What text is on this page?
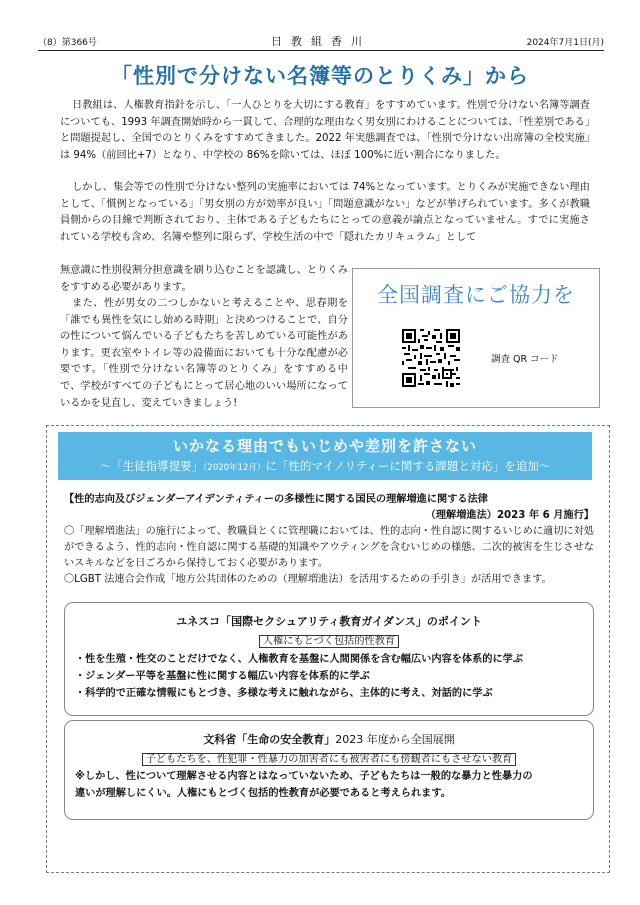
（8）第366号	日教組香川	2024年7月1日(月)
「性別で分けない名簿等のとりくみ」から
日教組は、人権教育指針を示し、「一人ひとりを大切にする教育」をすすめています。性別で分けない名簿等調査についても、1993 年調査開始時から一貫して、合理的な理由なく男女別にわけることについては、「性差別である」と問題提起し、全国でのとりくみをすすめてきました。2022 年実態調査では、「性別で分けない出席簿の全校実施」は 94%（前回比+7）となり、中学校の 86%を除いては、ほぼ 100%に近い割合になりました。
しかし、集会等での性別で分けない整列の実施率においては 74%となっています。とりくみが実施できない理由として、「慣例となっている」「男女別の方が効率が良い」「問題意識がない」などが挙げられています。多くが教職員側からの目線で判断されており、主体である子どもたちにとっての意義が論点となっていません。すでに実施されている学校も含め、名簿や整列に限らず、学校生活の中で「隠れたカリキュラム」として
無意識に性別役割分担意識を刷り込むことを認識し、とりくみをすすめる必要があります。
また、性が男女の二つしかないと考えることや、思春期を「誰でも異性を気にし始める時期」と決めつけることで、自分の性について悩んでいる子どもたちを苦しめている可能性があります。更衣室やトイレ等の設備面においても十分な配慮が必要です。「性別で分けない名簿等のとりくみ」をすすめる中で、学校がすべての子どもにとって居心地のいい場所になっているかを見直し、変えていきましょう!
全国調査にご協力を
調査 QR コード
いかなる理由でもいじめや差別を許さない
～「生徒指導提要」（2020年12月）に「性的マイノリティーに関する課題と対応」を追加～
【性的志向及びジェンダーアイデンティティーの多様性に関する国民の理解増進に関する法律
（理解増進法）2023 年 6 月施行】
〇「理解増進法」の施行によって、教職員とくに管理職においては、性的志向・性自認に関するいじめに適切に対処ができるよう、性的志向・性自認に関する基礎的知識やアウティングを含むいじめの様態、二次的被害を生じさせないスキルなどを日ごろから保持しておく必要があります。
〇LGBT 法連合会作成「地方公共団体のための（理解増進法）を活用するための手引き」が活用できます。
ユネスコ「国際セクシュアリティ教育ガイダンス」のポイント
人権にもとづく包括的性教育
・性を生殖・性交のことだけでなく、人権教育を基盤に人間関係を含む幅広い内容を体系的に学ぶ
・ジェンダー平等を基盤に性に関する幅広い内容を体系的に学ぶ
・科学的で正確な情報にもとづき、多様な考えに触れながら、主体的に考え、対話的に学ぶ
文科省「生命の安全教育」2023 年度から全国展開
子どもたちを、性犯罪・性暴力の加害者にも被害者にも傍観者にもさせない教育
※しかし、性について理解させる内容とはなっていないため、子どもたちは一般的な暴力と性暴力の
違いが理解しにくい。人権にもとづく包括的性教育が必要であると考えられます。
